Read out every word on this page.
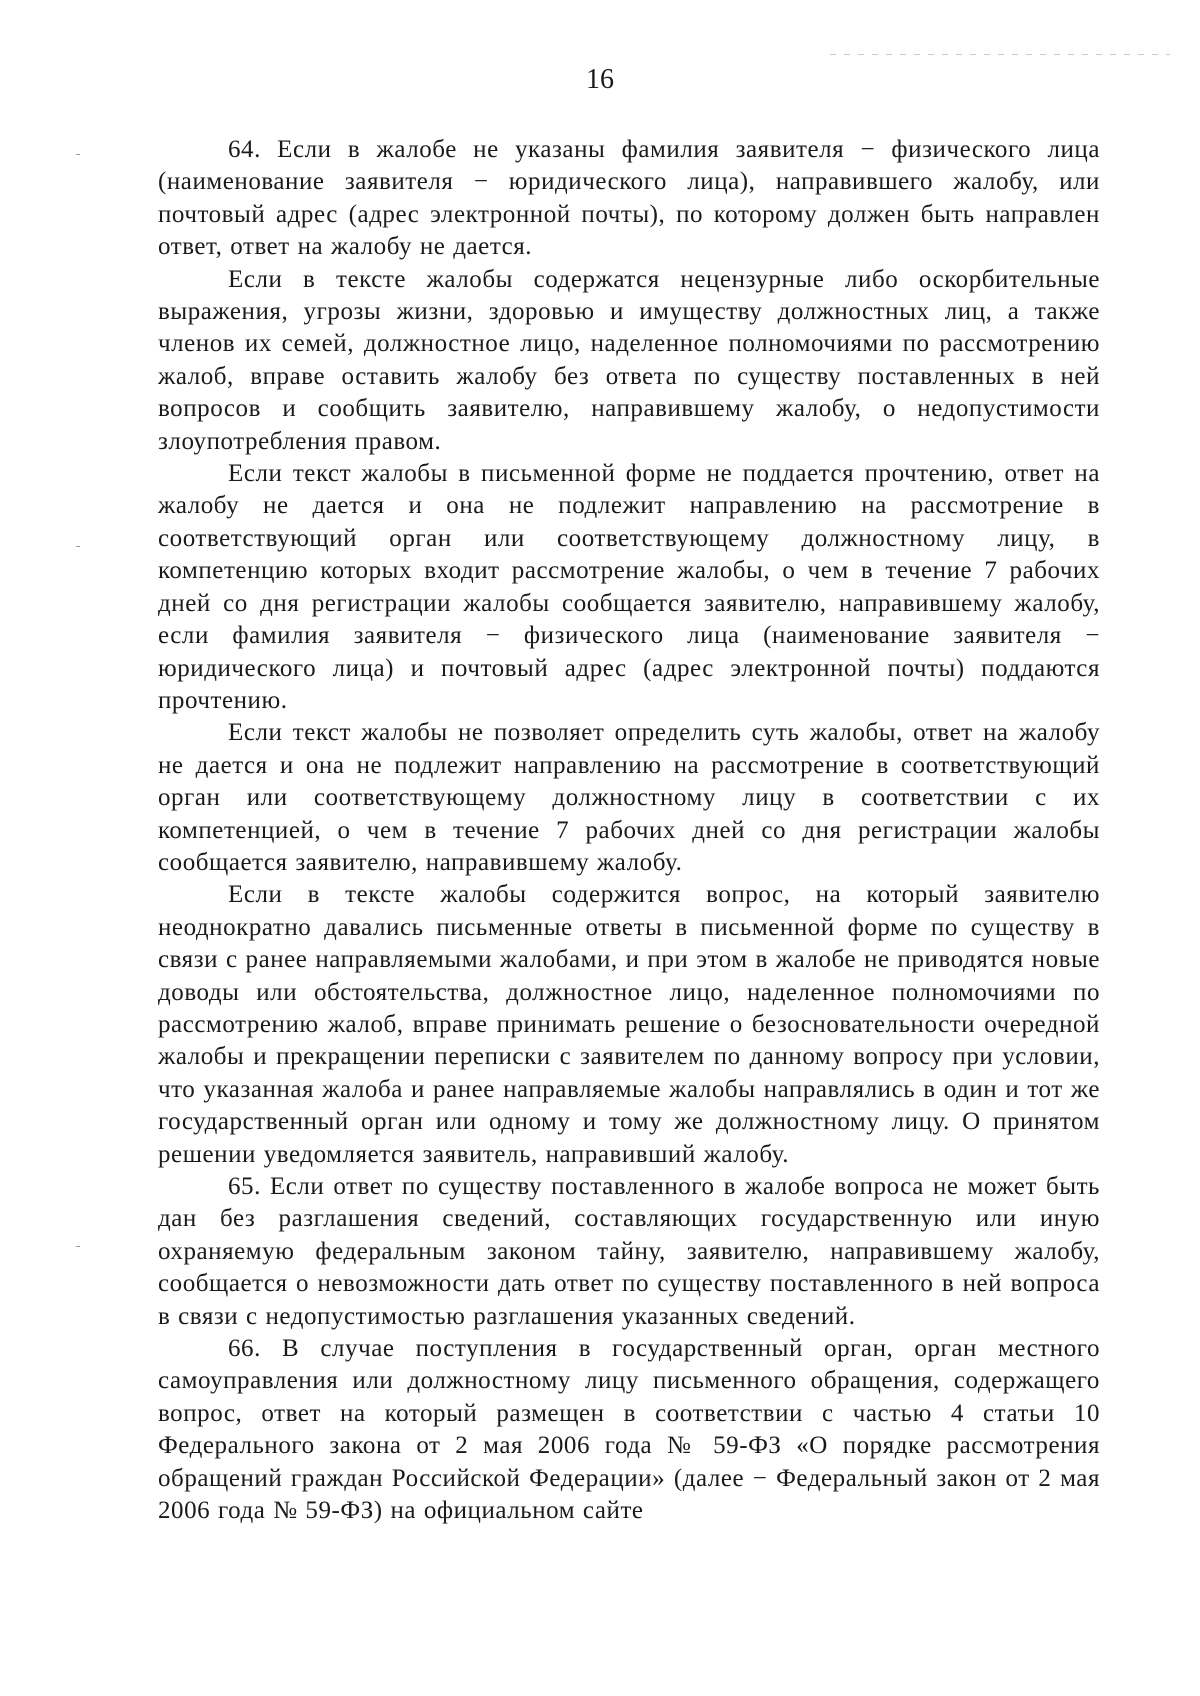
16

64. Если в жалобе не указаны фамилия заявителя − физического лица (наименование заявителя − юридического лица), направившего жалобу, или почтовый адрес (адрес электронной почты), по которому должен быть направлен ответ, ответ на жалобу не дается.

Если в тексте жалобы содержатся нецензурные либо оскорбительные выражения, угрозы жизни, здоровью и имуществу должностных лиц, а также членов их семей, должностное лицо, наделенное полномочиями по рассмотрению жалоб, вправе оставить жалобу без ответа по существу поставленных в ней вопросов и сообщить заявителю, направившему жалобу, о недопустимости злоупотребления правом.

Если текст жалобы в письменной форме не поддается прочтению, ответ на жалобу не дается и она не подлежит направлению на рассмотрение в соответствующий орган или соответствующему должностному лицу, в компетенцию которых входит рассмотрение жалобы, о чем в течение 7 рабочих дней со дня регистрации жалобы сообщается заявителю, направившему жалобу, если фамилия заявителя − физического лица (наименование заявителя − юридического лица) и почтовый адрес (адрес электронной почты) поддаются прочтению.

Если текст жалобы не позволяет определить суть жалобы, ответ на жалобу не дается и она не подлежит направлению на рассмотрение в соответствующий орган или соответствующему должностному лицу в соответствии с их компетенцией, о чем в течение 7 рабочих дней со дня регистрации жалобы сообщается заявителю, направившему жалобу.

Если в тексте жалобы содержится вопрос, на который заявителю неоднократно давались письменные ответы в письменной форме по существу в связи с ранее направляемыми жалобами, и при этом в жалобе не приводятся новые доводы или обстоятельства, должностное лицо, наделенное полномочиями по рассмотрению жалоб, вправе принимать решение о безосновательности очередной жалобы и прекращении переписки с заявителем по данному вопросу при условии, что указанная жалоба и ранее направляемые жалобы направлялись в один и тот же государственный орган или одному и тому же должностному лицу. О принятом решении уведомляется заявитель, направивший жалобу.

65. Если ответ по существу поставленного в жалобе вопроса не может быть дан без разглашения сведений, составляющих государственную или иную охраняемую федеральным законом тайну, заявителю, направившему жалобу, сообщается о невозможности дать ответ по существу поставленного в ней вопроса в связи с недопустимостью разглашения указанных сведений.

66. В случае поступления в государственный орган, орган местного самоуправления или должностному лицу письменного обращения, содержащего вопрос, ответ на который размещен в соответствии с частью 4 статьи 10 Федерального закона от 2 мая 2006 года № 59-ФЗ «О порядке рассмотрения обращений граждан Российской Федерации» (далее − Федеральный закон от 2 мая 2006 года № 59-ФЗ) на официальном сайте
